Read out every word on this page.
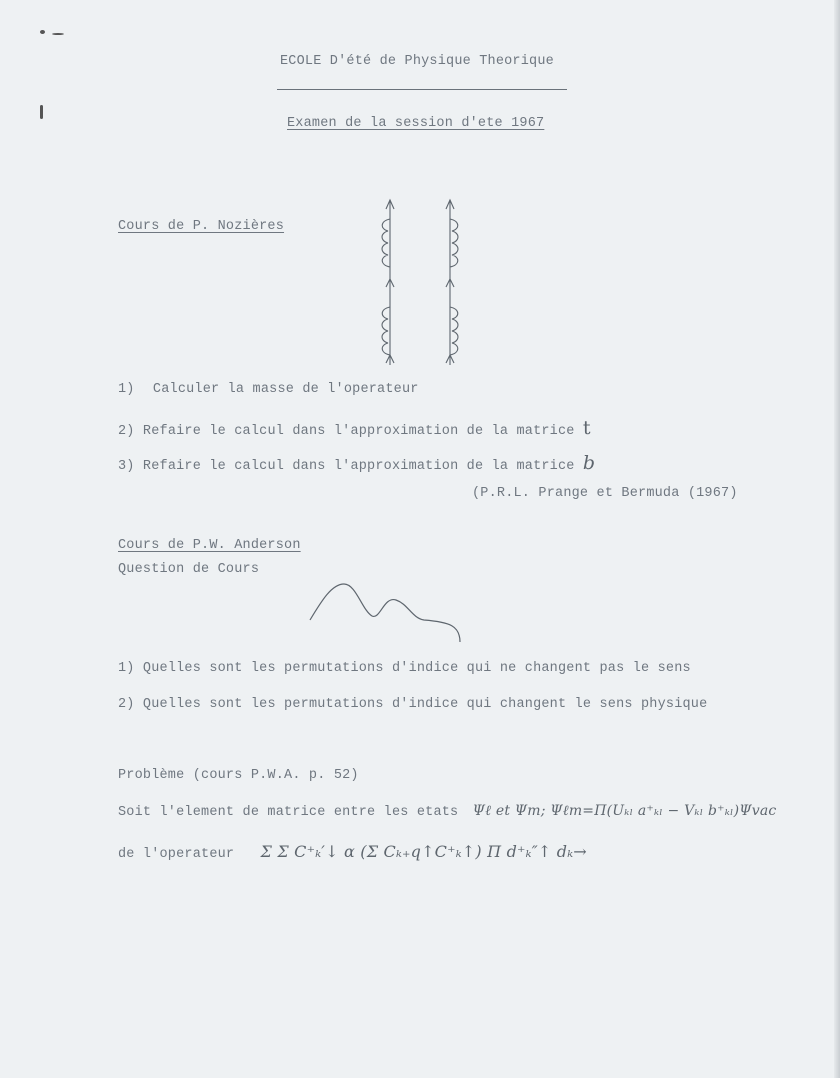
ECOLE D'été de Physique Theorique
Examen de la session d'ete 1967
Cours de P. Nozières
1) Calculer la masse de l'operateur
2) Refaire le calcul dans l'approximation de la matrice t
3) Refaire le calcul dans l'approximation de la matrice b
(P.R.L. Prange et Bermuda (1967)
Cours de P.W. Anderson
Question de Cours
1) Quelles sont les permutations d'indice qui ne changent pas le sens
2) Quelles sont les permutations d'indice qui changent le sens physique
Problème (cours P.W.A. p. 52)
Soit l'element de matrice entre les etats Ψℓ et Ψm; Ψℓm=Π(Uₖₗ a⁺ₖₗ − Vₖₗ b⁺ₖₗ)Ψvac
de l'operateur Σ Σ C⁺ₖ′↓ α (Σ Cₖ₊q↑C⁺ₖ↑) Π d⁺ₖ″↑ dₖ→
